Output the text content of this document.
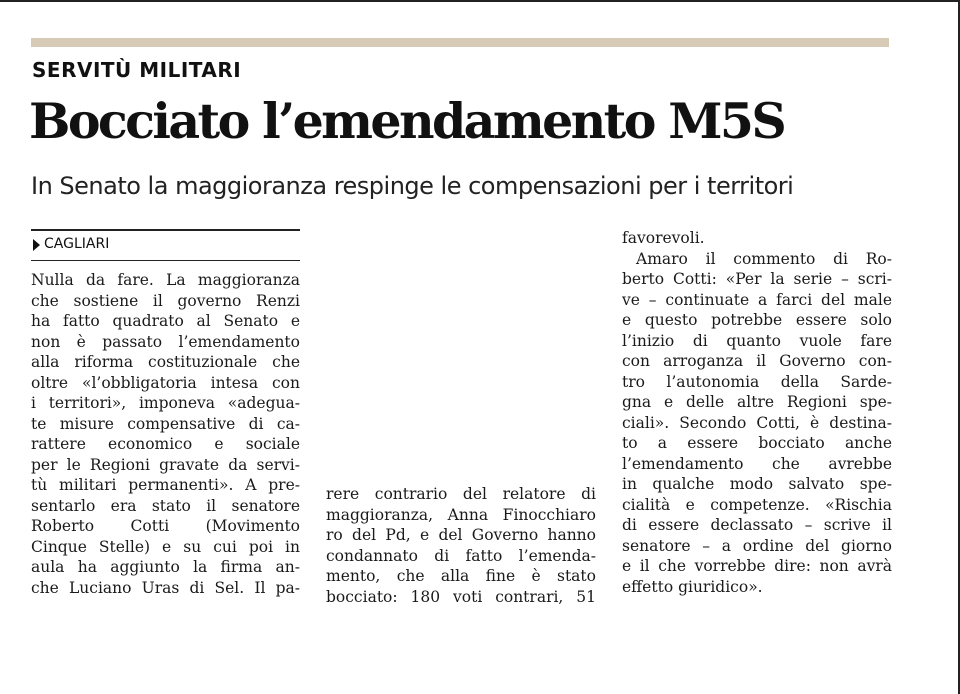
SERVITÙ MILITARI
Bocciato l’emendamento M5S
In Senato la maggioranza respinge le compensazioni per i territori
CAGLIARI
Nulla da fare. La maggioranza
che sostiene il governo Renzi
ha fatto quadrato al Senato e
non è passato l’emendamento
alla riforma costituzionale che
oltre «l’obbligatoria intesa con
i territori», imponeva «adegua-
te misure compensative di ca-
rattere economico e sociale
per le Regioni gravate da servi-
tù militari permanenti». A pre-
sentarlo era stato il senatore
Roberto Cotti (Movimento
Cinque Stelle) e su cui poi in
aula ha aggiunto la firma an-
che Luciano Uras di Sel. Il pa-
rere contrario del relatore di
maggioranza, Anna Finocchiaro
ro del Pd, e del Governo hanno
condannato di fatto l’emenda-
mento, che alla fine è stato
bocciato: 180 voti contrari, 51
favorevoli.
Amaro il commento di Ro-
berto Cotti: «Per la serie – scri-
ve – continuate a farci del male
e questo potrebbe essere solo
l’inizio di quanto vuole fare
con arroganza il Governo con-
tro l’autonomia della Sarde-
gna e delle altre Regioni spe-
ciali». Secondo Cotti, è destina-
to a essere bocciato anche
l’emendamento che avrebbe
in qualche modo salvato spe-
cialità e competenze. «Rischia
di essere declassato – scrive il
senatore – a ordine del giorno
e il che vorrebbe dire: non avrà
effetto giuridico».
